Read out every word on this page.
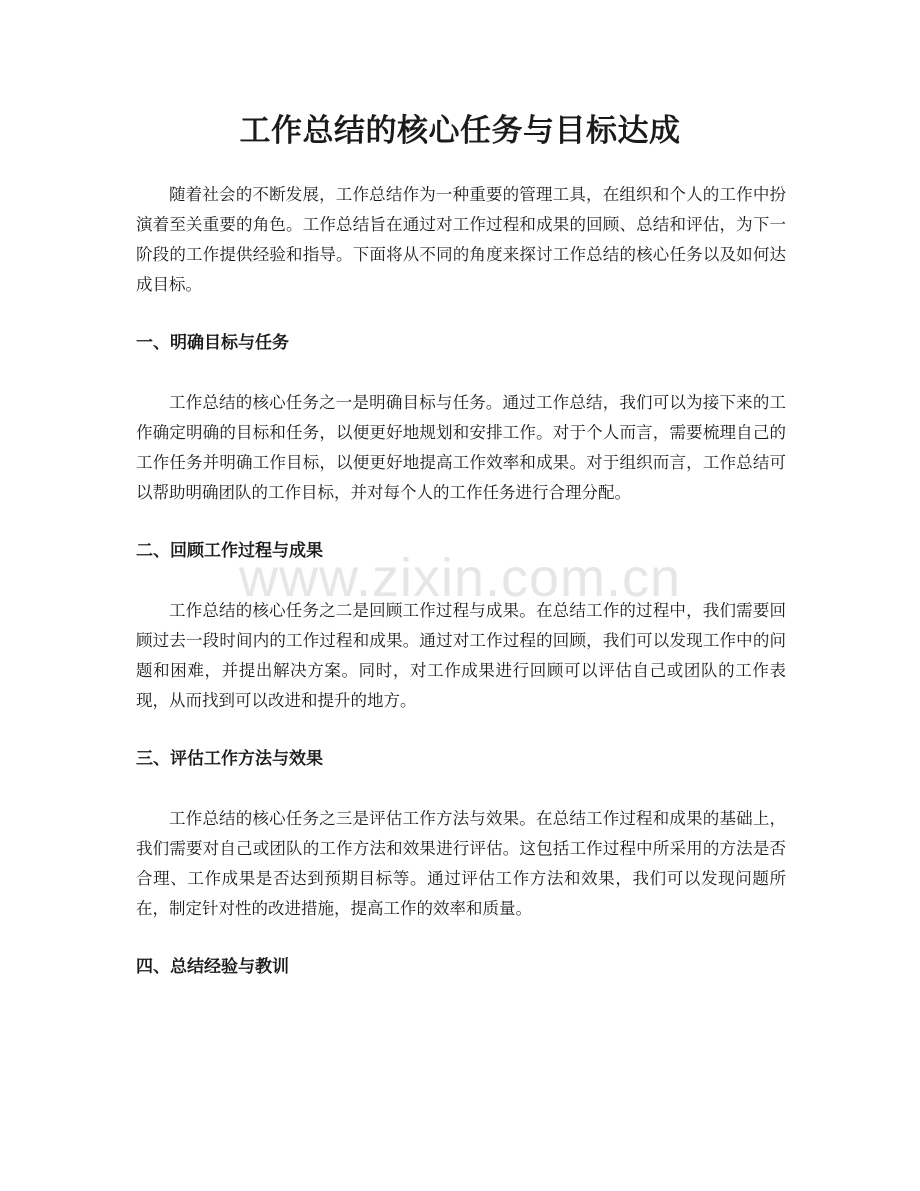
工作总结的核心任务与目标达成

随着社会的不断发展，工作总结作为一种重要的管理工具，在组织和个人的工作中扮演着至关重要的角色。工作总结旨在通过对工作过程和成果的回顾、总结和评估，为下一阶段的工作提供经验和指导。下面将从不同的角度来探讨工作总结的核心任务以及如何达成目标。

一、明确目标与任务

工作总结的核心任务之一是明确目标与任务。通过工作总结，我们可以为接下来的工作确定明确的目标和任务，以便更好地规划和安排工作。对于个人而言，需要梳理自己的工作任务并明确工作目标，以便更好地提高工作效率和成果。对于组织而言，工作总结可以帮助明确团队的工作目标，并对每个人的工作任务进行合理分配。

二、回顾工作过程与成果

工作总结的核心任务之二是回顾工作过程与成果。在总结工作的过程中，我们需要回顾过去一段时间内的工作过程和成果。通过对工作过程的回顾，我们可以发现工作中的问题和困难，并提出解决方案。同时，对工作成果进行回顾可以评估自己或团队的工作表现，从而找到可以改进和提升的地方。

三、评估工作方法与效果

工作总结的核心任务之三是评估工作方法与效果。在总结工作过程和成果的基础上，我们需要对自己或团队的工作方法和效果进行评估。这包括工作过程中所采用的方法是否合理、工作成果是否达到预期目标等。通过评估工作方法和效果，我们可以发现问题所在，制定针对性的改进措施，提高工作的效率和质量。

四、总结经验与教训
www.zixin.com.cn
